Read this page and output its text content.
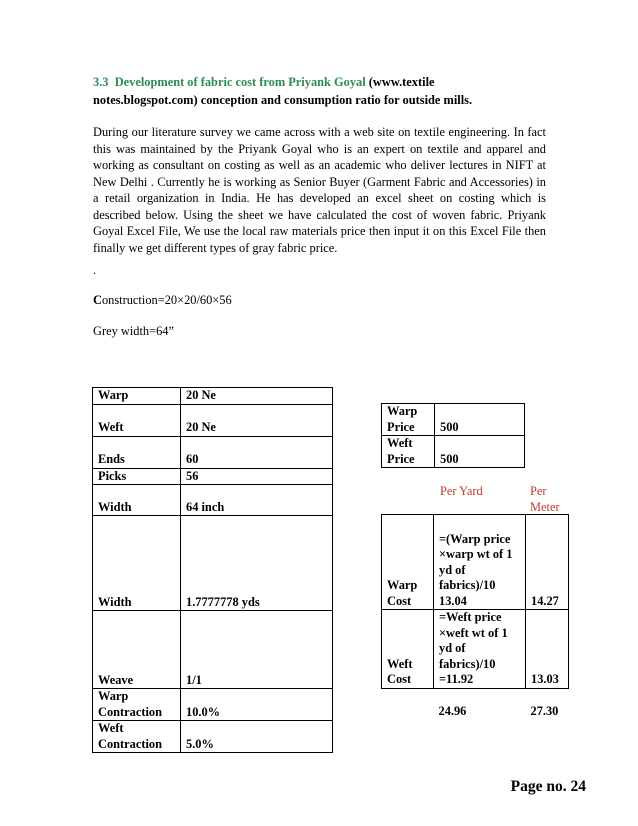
3.3 Development of fabric cost from Priyank Goyal (www.textile
notes.blogspot.com) conception and consumption ratio for outside mills.

During our literature survey we came across with a web site on textile engineering. In fact this was maintained by the Priyank Goyal who is an expert on textile and apparel and working as consultant on costing as well as an academic who deliver lectures in NIFT at New Delhi . Currently he is working as Senior Buyer (Garment Fabric and Accessories) in a retail organization in India. He has developed an excel sheet on costing which is described below. Using the sheet we have calculated the cost of woven fabric. Priyank Goyal Excel File, We use the local raw materials price then input it on this Excel File then finally we get different types of gray fabric price.

.
Construction=20×20/60×56
Grey width=64”
Warp	20 Ne
Weft	20 Ne
Ends	60
Picks	56
Width	64 inch
Width	1.7777778 yds
Weave	1/1
Warp Contraction	10.0%
Weft Contraction	5.0%
Warp Price	500
Weft Price	500
Per Yard	Per Meter
Warp Cost	=(Warp price ×warp wt of 1 yd of fabrics)/10 13.04	14.27
Weft Cost	=Weft price ×weft wt of 1 yd of fabrics)/10 =11.92	13.03
	24.96	27.30
Page no. 24
